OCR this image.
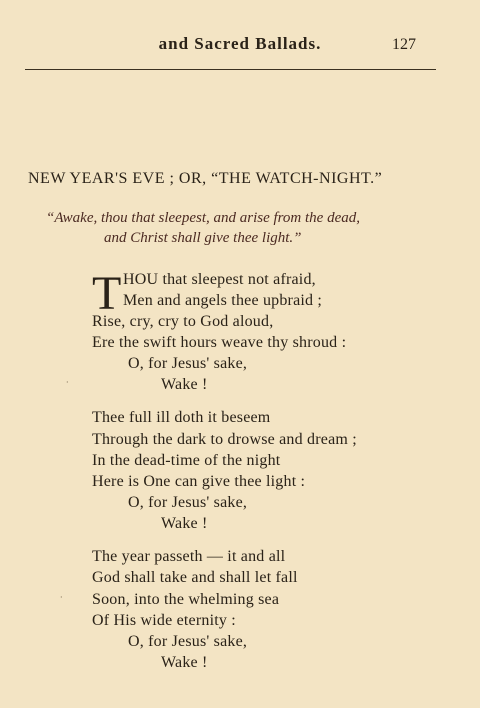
and Sacred Ballads.	127
NEW YEAR'S EVE ; OR, “THE WATCH-NIGHT.”
“Awake, thou that sleepest, and arise from the dead,
and Christ shall give thee light.”
T HOU that sleepest not afraid,
Men and angels thee upbraid ;
Rise, cry, cry to God aloud,
Ere the swift hours weave thy shroud :
O, for Jesus' sake,
Wake !
Thee full ill doth it beseem
Through the dark to drowse and dream ;
In the dead-time of the night
Here is One can give thee light :
O, for Jesus' sake,
Wake !
The year passeth — it and all
God shall take and shall let fall
Soon, into the whelming sea
Of His wide eternity :
O, for Jesus' sake,
Wake !
·
·
